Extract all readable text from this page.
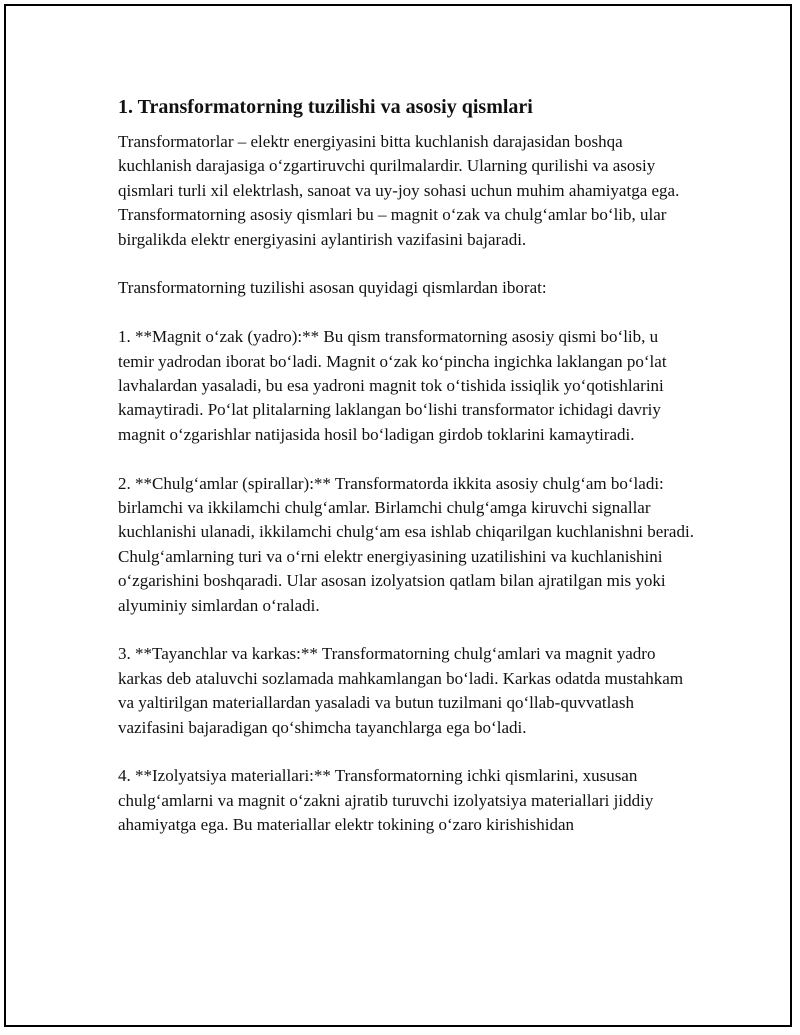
1. Transformatorning tuzilishi va asosiy qismlari

Transformatorlar – elektr energiyasini bitta kuchlanish darajasidan boshqa kuchlanish darajasiga oʻzgartiruvchi qurilmalardir. Ularning qurilishi va asosiy qismlari turli xil elektrlash, sanoat va uy-joy sohasi uchun muhim ahamiyatga ega. Transformatorning asosiy qismlari bu – magnit oʻzak va chulgʻamlar boʻlib, ular birgalikda elektr energiyasini aylantirish vazifasini bajaradi.

Transformatorning tuzilishi asosan quyidagi qismlardan iborat:

1. **Magnit oʻzak (yadro):** Bu qism transformatorning asosiy qismi boʻlib, u temir yadrodan iborat boʻladi. Magnit oʻzak koʻpincha ingichka laklangan poʻlat lavhalardan yasaladi, bu esa yadroni magnit tok oʻtishida issiqlik yoʻqotishlarini kamaytiradi. Poʻlat plitalarning laklangan boʻlishi transformator ichidagi davriy magnit oʻzgarishlar natijasida hosil boʻladigan girdob toklarini kamaytiradi.

2. **Chulgʻamlar (spirallar):** Transformatorda ikkita asosiy chulgʻam boʻladi: birlamchi va ikkilamchi chulgʻamlar. Birlamchi chulgʻamga kiruvchi signallar kuchlanishi ulanadi, ikkilamchi chulgʻam esa ishlab chiqarilgan kuchlanishni beradi. Chulgʻamlarning turi va oʻrni elektr energiyasining uzatilishini va kuchlanishini oʻzgarishini boshqaradi. Ular asosan izolyatsion qatlam bilan ajratilgan mis yoki alyuminiy simlardan oʻraladi.

3. **Tayanchlar va karkas:** Transformatorning chulgʻamlari va magnit yadro karkas deb ataluvchi sozlamada mahkamlangan boʻladi. Karkas odatda mustahkam va yaltirilgan materiallardan yasaladi va butun tuzilmani qoʻllab-quvvatlash vazifasini bajaradigan qoʻshimcha tayanchlarga ega boʻladi.

4. **Izolyatsiya materiallari:** Transformatorning ichki qismlarini, xususan chulgʻamlarni va magnit oʻzakni ajratib turuvchi izolyatsiya materiallari jiddiy ahamiyatga ega. Bu materiallar elektr tokining oʻzaro kirishishidan
